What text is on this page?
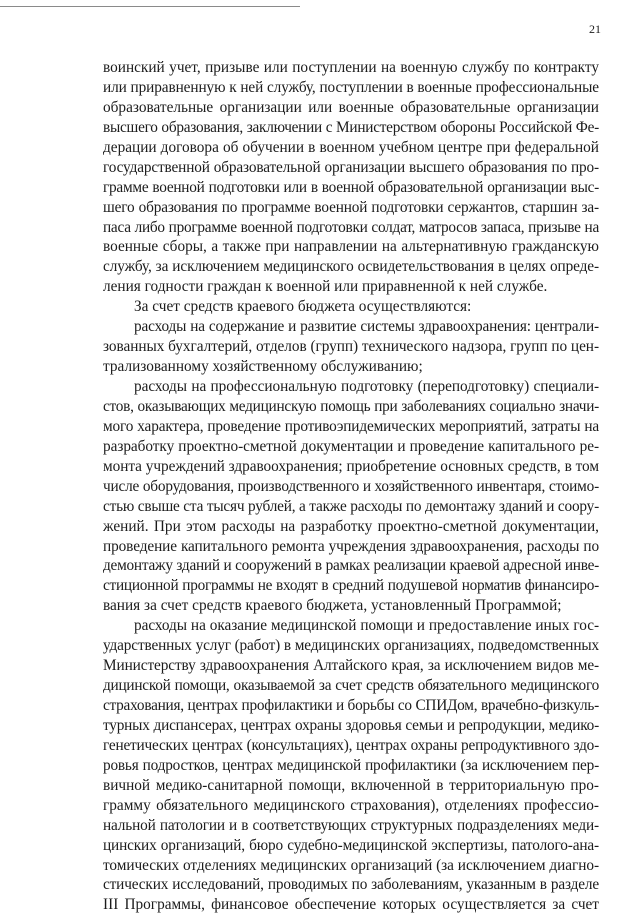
21
воинский учет, призыве или поступлении на военную службу по контракту
или приравненную к ней службу, поступлении в военные профессиональные
образовательные организации или военные образовательные организации
высшего образования, заключении с Министерством обороны Российской Фе-
дерации договора об обучении в военном учебном центре при федеральной
государственной образовательной организации высшего образования по про-
грамме военной подготовки или в военной образовательной организации выс-
шего образования по программе военной подготовки сержантов, старшин за-
паса либо программе военной подготовки солдат, матросов запаса, призыве на
военные сборы, а также при направлении на альтернативную гражданскую
службу, за исключением медицинского освидетельствования в целях опреде-
ления годности граждан к военной или приравненной к ней службе.
За счет средств краевого бюджета осуществляются:
расходы на содержание и развитие системы здравоохранения: централи-
зованных бухгалтерий, отделов (групп) технического надзора, групп по цен-
трализованному хозяйственному обслуживанию;
расходы на профессиональную подготовку (переподготовку) специали-
стов, оказывающих медицинскую помощь при заболеваниях социально значи-
мого характера, проведение противоэпидемических мероприятий, затраты на
разработку проектно-сметной документации и проведение капитального ре-
монта учреждений здравоохранения; приобретение основных средств, в том
числе оборудования, производственного и хозяйственного инвентаря, стоимо-
стью свыше ста тысяч рублей, а также расходы по демонтажу зданий и соору-
жений. При этом расходы на разработку проектно-сметной документации,
проведение капитального ремонта учреждения здравоохранения, расходы по
демонтажу зданий и сооружений в рамках реализации краевой адресной инве-
стиционной программы не входят в средний подушевой норматив финансиро-
вания за счет средств краевого бюджета, установленный Программой;
расходы на оказание медицинской помощи и предоставление иных гос-
ударственных услуг (работ) в медицинских организациях, подведомственных
Министерству здравоохранения Алтайского края, за исключением видов ме-
дицинской помощи, оказываемой за счет средств обязательного медицинского
страхования, центрах профилактики и борьбы со СПИДом, врачебно-физкуль-
турных диспансерах, центрах охраны здоровья семьи и репродукции, медико-
генетических центрах (консультациях), центрах охраны репродуктивного здо-
ровья подростков, центрах медицинской профилактики (за исключением пер-
вичной медико-санитарной помощи, включенной в территориальную про-
грамму обязательного медицинского страхования), отделениях профессио-
нальной патологии и в соответствующих структурных подразделениях меди-
цинских организаций, бюро судебно-медицинской экспертизы, патолого-ана-
томических отделениях медицинских организаций (за исключением диагно-
стических исследований, проводимых по заболеваниям, указанным в разделе
III Программы, финансовое обеспечение которых осуществляется за счет
